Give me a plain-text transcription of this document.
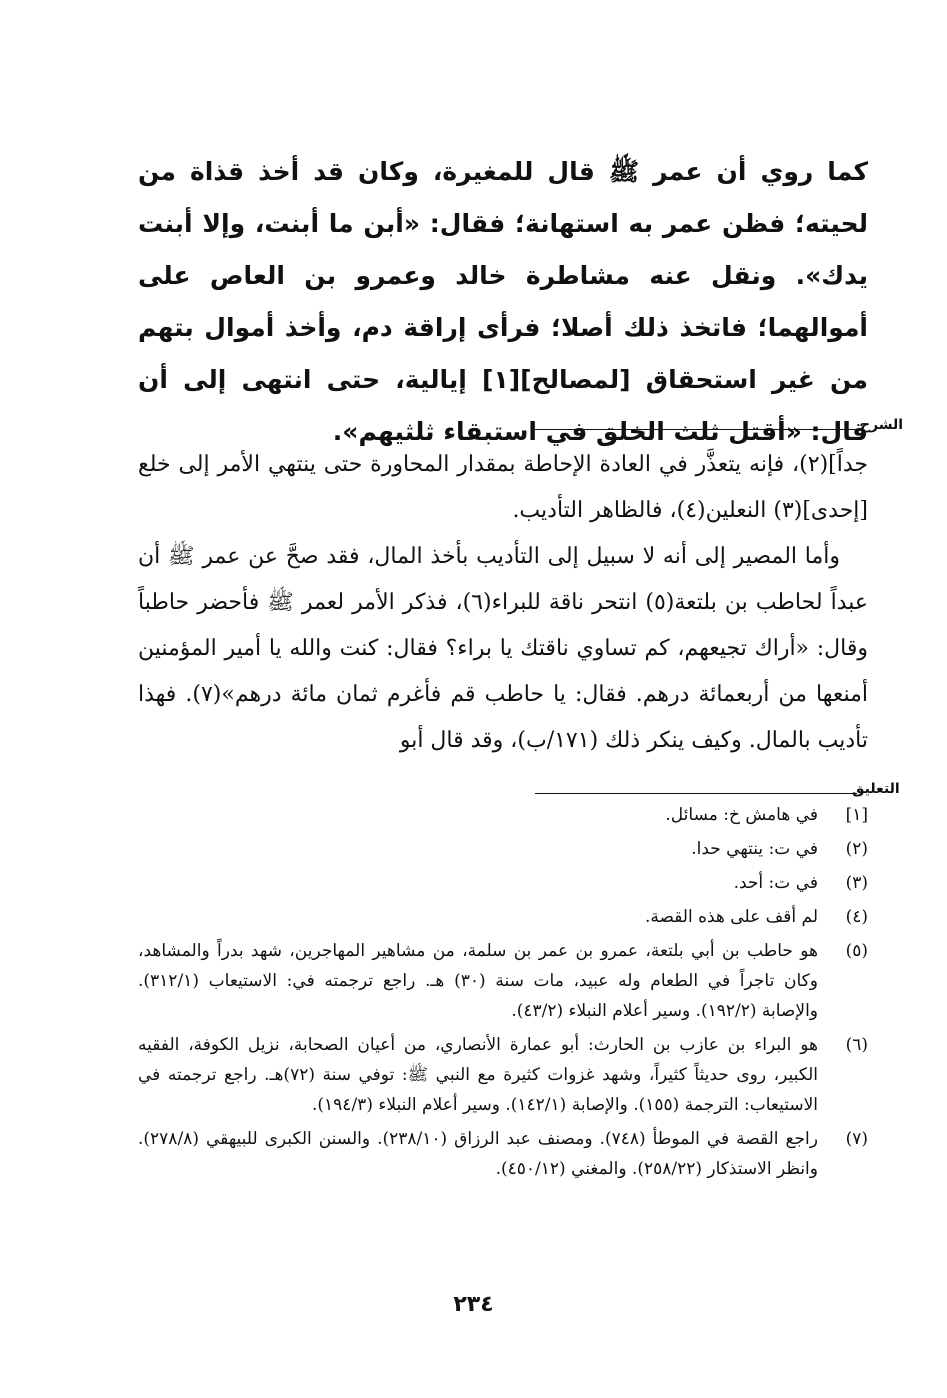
كما روي أن عمر ﷺ قال للمغيرة، وكان قد أخذ قذاة من لحيته؛ فظن عمر به استهانة؛ فقال: «أبن ما أبنت، وإلا أبنت يدك». ونقل عنه مشاطرة خالد وعمرو بن العاص على أموالهما؛ فاتخذ ذلك أصلا؛ فرأى إراقة دم، وأخذ أموال بتهم من غير استحقاق [لمصالح][١] إيالية، حتى انتهى إلى أن قال: «أقتل ثلث الخلق في استبقاء ثلثيهم».

الشرح

جداً](٢)، فإنه يتعذَّر في العادة الإحاطة بمقدار المحاورة حتى ينتهي الأمر إلى خلع [إحدى](٣) النعلين(٤)، فالظاهر التأديب.

وأما المصير إلى أنه لا سبيل إلى التأديب بأخذ المال، فقد صحَّ عن عمر ﷺ أن عبداً لحاطب بن بلتعة(٥) انتحر ناقة للبراء(٦)، فذكر الأمر لعمر ﷺ فأحضر حاطباً وقال: «أراك تجيعهم، كم تساوي ناقتك يا براء؟ فقال: كنت والله يا أمير المؤمنين أمنعها من أربعمائة درهم. فقال: يا حاطب قم فأغرم ثمان مائة درهم»(٧). فهذا تأديب بالمال. وكيف ينكر ذلك (١٧١/ب)، وقد قال أبو

التعليق
[١]
في هامش خ: مسائل.
(٢)
في ت: ينتهي حدا.
(٣)
في ت: أحد.
(٤)
لم أقف على هذه القصة.
(٥)
هو حاطب بن أبي بلتعة، عمرو بن عمر بن سلمة، من مشاهير المهاجرين، شهد بدراً والمشاهد، وكان تاجراً في الطعام وله عبيد، مات سنة (٣٠) هـ. راجع ترجمته في: الاستيعاب (٣١٢/١). والإصابة (١٩٢/٢). وسير أعلام النبلاء (٤٣/٢).
(٦)
هو البراء بن عازب بن الحارث: أبو عمارة الأنصاري، من أعيان الصحابة، نزيل الكوفة، الفقيه الكبير، روى حديثاً كثيراً، وشهد غزوات كثيرة مع النبي ﷺ: توفي سنة (٧٢)هـ. راجع ترجمته في الاستيعاب: الترجمة (١٥٥). والإصابة (١٤٢/١). وسير أعلام النبلاء (١٩٤/٣).
(٧)
راجع القصة في الموطأ (٧٤٨). ومصنف عبد الرزاق (٢٣٨/١٠). والسنن الكبرى للبيهقي (٢٧٨/٨). وانظر الاستذكار (٢٥٨/٢٢). والمغني (٤٥٠/١٢).
٢٣٤
